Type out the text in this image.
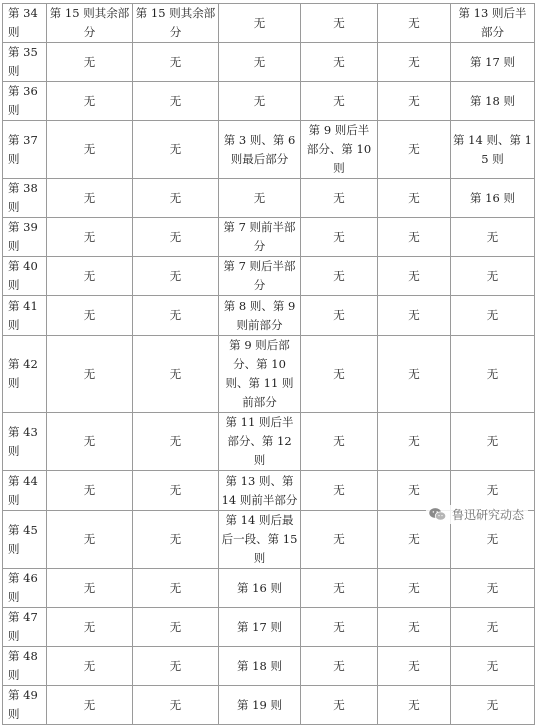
第 34 则	第 15 则其余部分	第 15 则其余部分	无	无	无	第 13 则后半部分
第 35 则	无	无	无	无	无	第 17 则
第 36 则	无	无	无	无	无	第 18 则
第 37 则	无	无	第 3 则、第 6 则最后部分	第 9 则后半部分、第 10 则	无	第 14 则、第 15 则
第 38 则	无	无	无	无	无	第 16 则
第 39 则	无	无	第 7 则前半部分	无	无	无
第 40 则	无	无	第 7 则后半部分	无	无	无
第 41 则	无	无	第 8 则、第 9 则前部分	无	无	无
第 42 则	无	无	第 9 则后部分、第 10 则、第 11 则前部分	无	无	无
第 43 则	无	无	第 11 则后半部分、第 12 则	无	无	无
第 44 则	无	无	第 13 则、第 14 则前半部分	无	无	无
第 45 则	无	无	第 14 则后最后一段、第 15 则	无	无	无
第 46 则	无	无	第 16 则	无	无	无
第 47 则	无	无	第 17 则	无	无	无
第 48 则	无	无	第 18 则	无	无	无
第 49 则	无	无	第 19 则	无	无	无
鲁迅研究动态
